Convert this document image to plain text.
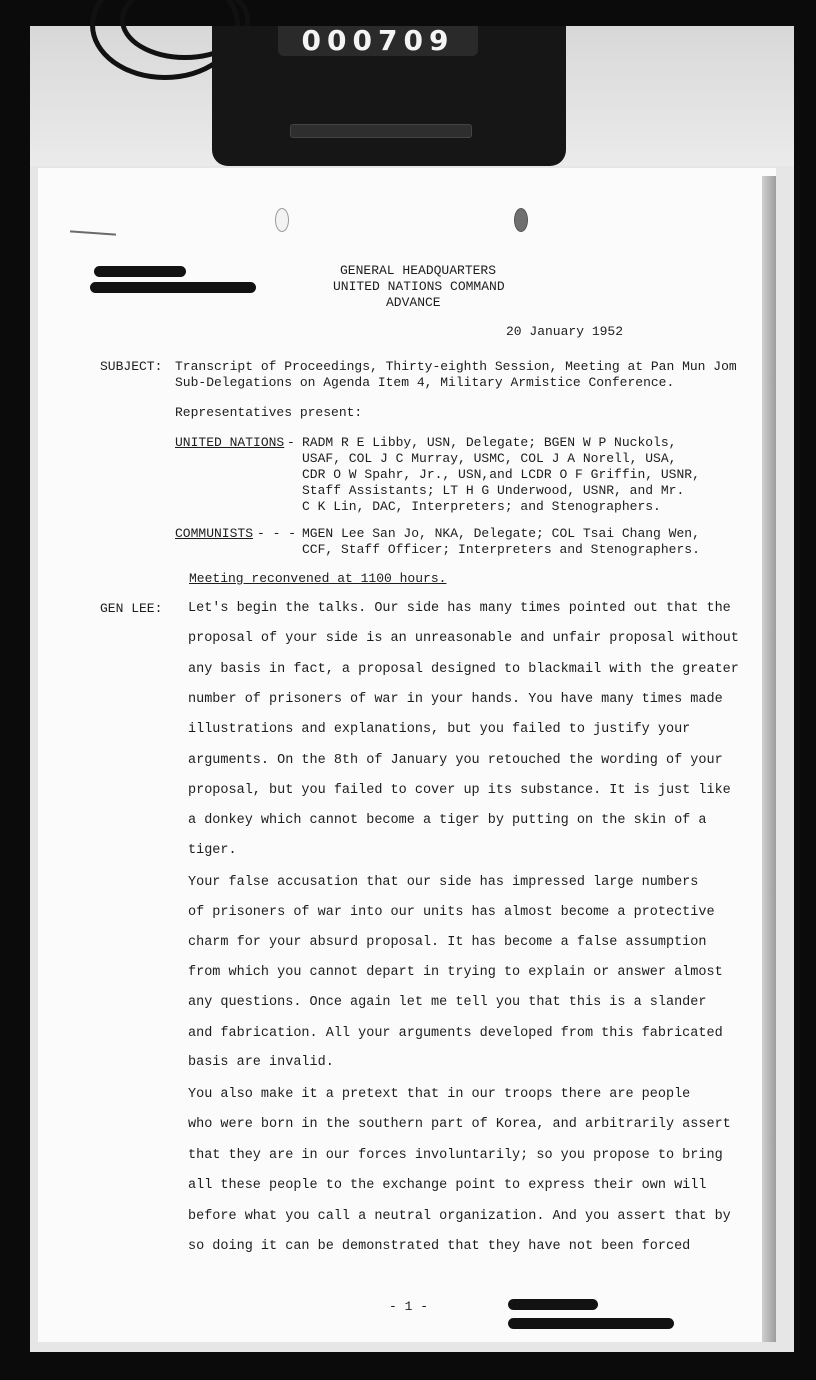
000709
GENERAL HEADQUARTERS
UNITED NATIONS COMMAND
ADVANCE
20 January 1952
SUBJECT: Transcript of Proceedings, Thirty-eighth Session, Meeting at Pan Mun Jom
Sub-Delegations on Agenda Item 4, Military Armistice Conference.
Representatives present:
UNITED NATIONS - RADM R E Libby, USN, Delegate; BGEN W P Nuckols,
USAF, COL J C Murray, USMC, COL J A Norell, USA,
CDR O W Spahr, Jr., USN,and LCDR O F Griffin, USNR,
Staff Assistants; LT H G Underwood, USNR, and Mr.
C K Lin, DAC, Interpreters; and Stenographers.
COMMUNISTS - - - MGEN Lee San Jo, NKA, Delegate; COL Tsai Chang Wen,
CCF, Staff Officer; Interpreters and Stenographers.
Meeting reconvened at 1100 hours.
GEN LEE: Let's begin the talks. Our side has many times pointed out that the
proposal of your side is an unreasonable and unfair proposal without
any basis in fact, a proposal designed to blackmail with the greater
number of prisoners of war in your hands. You have many times made
illustrations and explanations, but you failed to justify your
arguments. On the 8th of January you retouched the wording of your
proposal, but you failed to cover up its substance. It is just like
a donkey which cannot become a tiger by putting on the skin of a
tiger.
Your false accusation that our side has impressed large numbers
of prisoners of war into our units has almost become a protective
charm for your absurd proposal. It has become a false assumption
from which you cannot depart in trying to explain or answer almost
any questions. Once again let me tell you that this is a slander
and fabrication. All your arguments developed from this fabricated
basis are invalid.
You also make it a pretext that in our troops there are people
who were born in the southern part of Korea, and arbitrarily assert
that they are in our forces involuntarily; so you propose to bring
all these people to the exchange point to express their own will
before what you call a neutral organization. And you assert that by
so doing it can be demonstrated that they have not been forced
- 1 -
